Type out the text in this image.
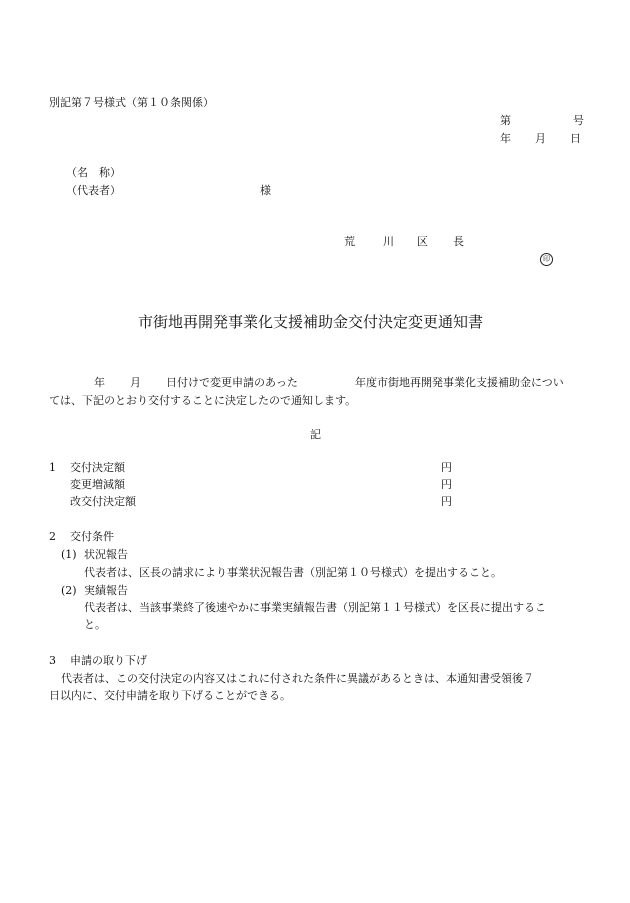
別記第７号様式（第１０条関係）
第	号
年 月 日
（名　称）
（代表者）	様
荒	川 区 長
印
市街地再開発事業化支援補助金交付決定変更通知書
年 月 日付けで変更申請のあった	年度市街地再開発事業化支援補助金につい
ては、下記のとおり交付することに決定したので通知します。
記
1 交付決定額	円
変更増減額	円
改交付決定額	円
2 交付条件
(1) 状況報告
代表者は、区長の請求により事業状況報告書（別記第１０号様式）を提出すること。
(2) 実績報告
代表者は、当該事業終了後速やかに事業実績報告書（別記第１１号様式）を区長に提出するこ
と。
3 申請の取り下げ
代表者は、この交付決定の内容又はこれに付された条件に異議があるときは、本通知書受領後７
日以内に、交付申請を取り下げることができる。
